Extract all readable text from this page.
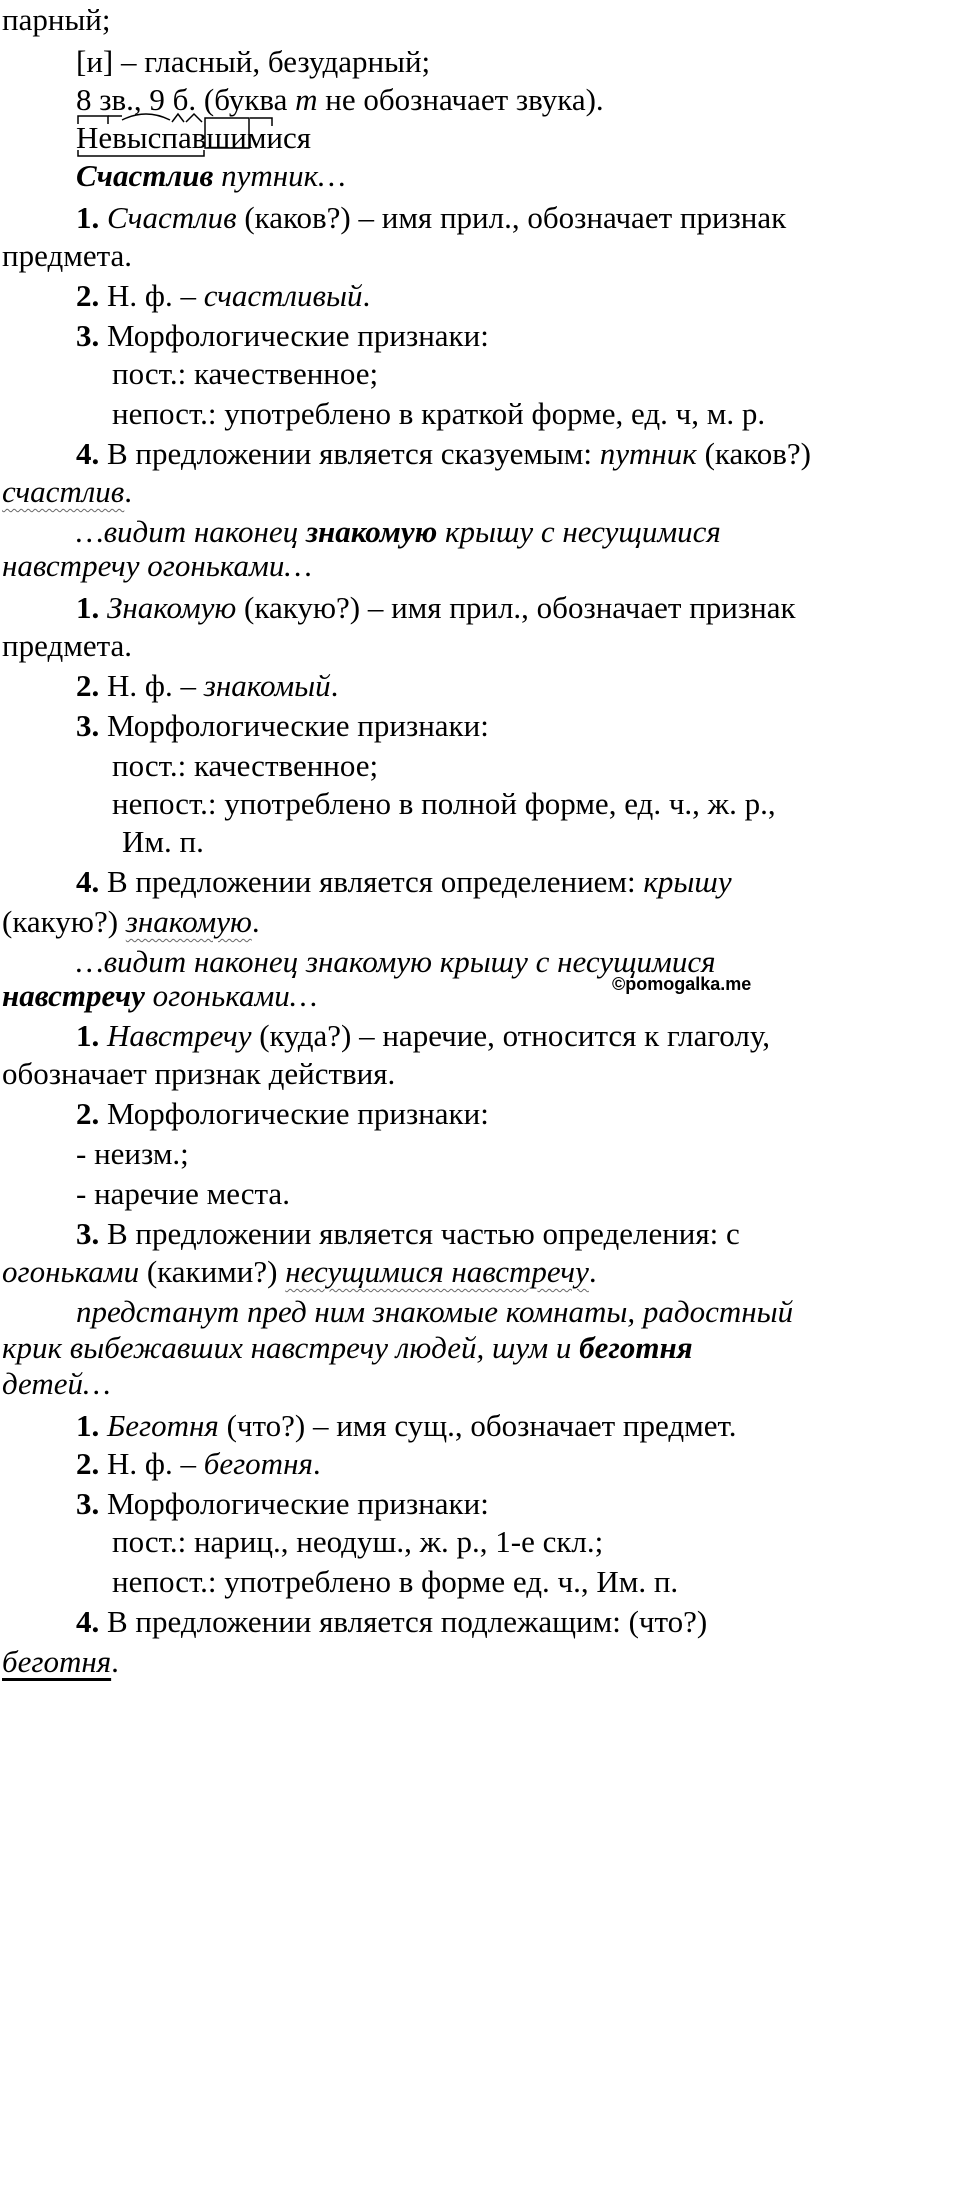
парный;
[и] – гласный, безударный;
8 зв., 9 б. (буква т не обозначает звука).
Невыспавшимися
Счастлив путник…
1. Счастлив (каков?) – имя прил., обозначает признак
предмета.
2. Н. ф. – счастливый.
3. Морфологические признаки:
пост.: качественное;
непост.: употреблено в краткой форме, ед. ч, м. р.
4. В предложении является сказуемым: путник (каков?)
счастлив.
…видит наконец знакомую крышу с несущимися
навстречу огоньками…
1. Знакомую (какую?) – имя прил., обозначает признак
предмета.
2. Н. ф. – знакомый.
3. Морфологические признаки:
пост.: качественное;
непост.: употреблено в полной форме, ед. ч., ж. р.,
Им. п.
4. В предложении является определением: крышу
(какую?) знакомую.
…видит наконец знакомую крышу с несущимися
навстречу огоньками…	©pomogalka.me
1. Навстречу (куда?) – наречие, относится к глаголу,
обозначает признак действия.
2. Морфологические признаки:
- неизм.;
- наречие места.
3. В предложении является частью определения: с
огоньками (какими?) несущимися навстречу.
предстанут пред ним знакомые комнаты, радостный
крик выбежавших навстречу людей, шум и беготня
детей…
1. Беготня (что?) – имя сущ., обозначает предмет.
2. Н. ф. – беготня.
3. Морфологические признаки:
пост.: нариц., неодуш., ж. р., 1-е скл.;
непост.: употреблено в форме ед. ч., Им. п.
4. В предложении является подлежащим: (что?)
беготня.
